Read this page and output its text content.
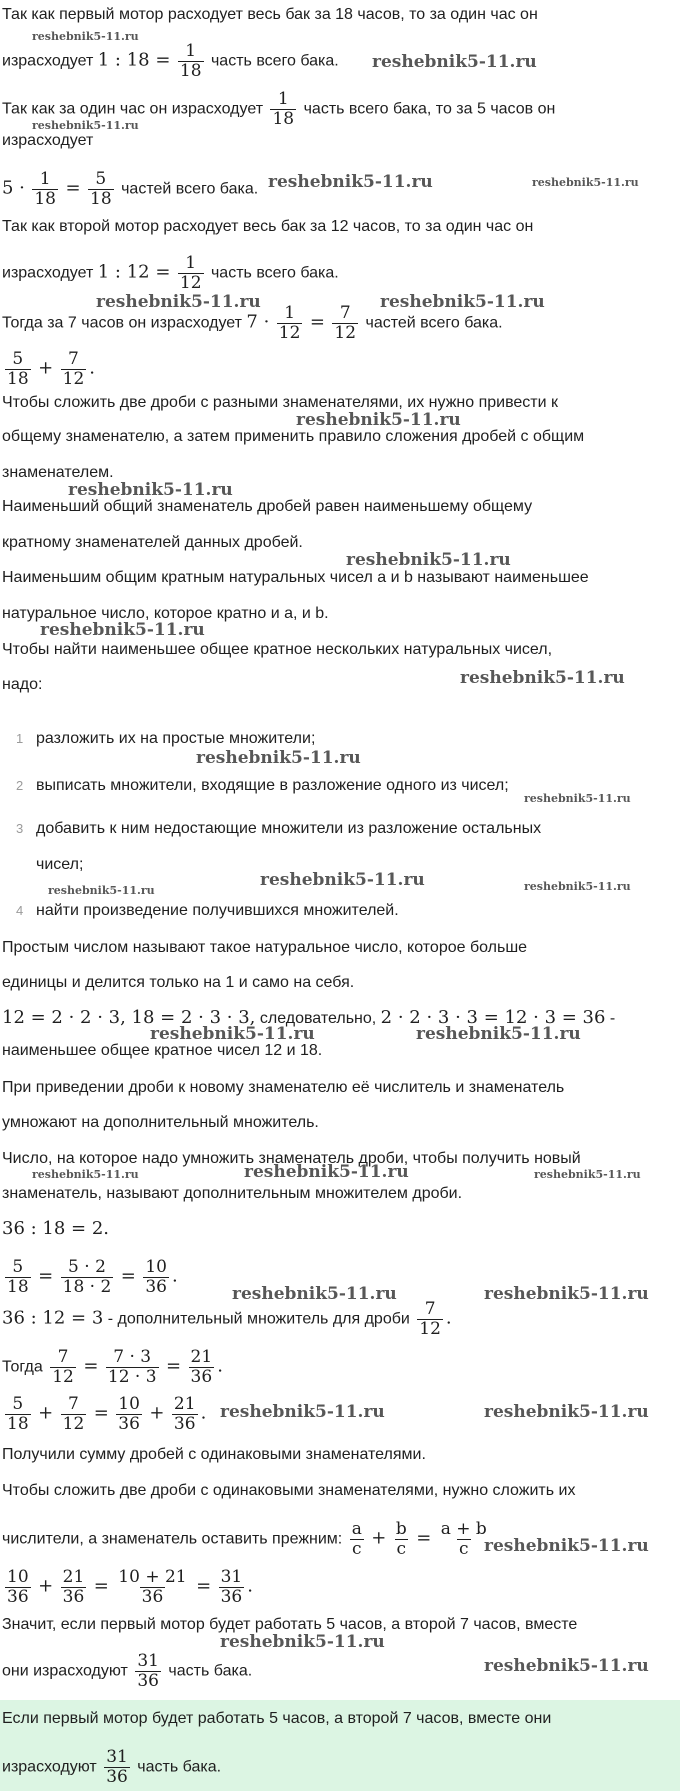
Так как первый мотор расходует весь бак за 18 часов, то за один час он
израсходует 1 : $18 = \frac{1}{18}$ часть всего бака.
Так как за один час он израсходует $\frac{1}{18}$ часть всего бака, то за 5 часов он
израсходует
$5 \cdot \frac{1}{18} = \frac{5}{18}$ частей всего бака.
Так как второй мотор расходует весь бак за 12 часов, то за один час он
израсходует 1 : $12 = \frac{1}{12}$ часть всего бака.
Тогда за 7 часов он израсходует $7 \cdot \frac{1}{12} = \frac{7}{12}$ частей всего бака.
$\frac{5}{18} + \frac{7}{12}$ .
Чтобы сложить две дроби с разными знаменателями, их нужно привести к
общему знаменателю, а затем применить правило сложения дробей с общим
знаменателем.
Наименьший общий знаменатель дробей равен наименьшему общему
кратному знаменателей данных дробей.
Наименьшим общим кратным натуральных чисел a и b называют наименьшее
натуральное число, которое кратно и a, и b.
Чтобы найти наименьшее общее кратное нескольких натуральных чисел,
надо:
1 разложить их на простые множители;
2 выписать множители, входящие в разложение одного из чисел;
3 добавить к ним недостающие множители из разложение остальных
чисел;
4 найти произведение получившихся множителей.
Простым числом называют такое натуральное число, которое больше
единицы и делится только на 1 и само на себя.
12 = 2 · 2 · 3, 18 = 2 · 3 · 3, следовательно, 2 · 2 · 3 · 3 = 12 · 3 = 36 -
наименьшее общее кратное чисел 12 и 18.
При приведении дроби к новому знаменателю её числитель и знаменатель
умножают на дополнительный множитель.
Число, на которое надо умножить знаменатель дроби, чтобы получить новый
знаменатель, называют дополнительным множителем дроби.
36 : 18 = 2.
$\frac{5}{18} = \frac{5 \cdot 2}{18 \cdot 2} = \frac{10}{36}$ .
36 : 12 = 3 - дополнительный множитель для дроби $\frac{7}{12}$ .
Тогда $\frac{7}{12} = \frac{7 \cdot 3}{12 \cdot 3} = \frac{21}{36}$ .
$\frac{5}{18} + \frac{7}{12} = \frac{10}{36} + \frac{21}{36}$ .
Получили сумму дробей с одинаковыми знаменателями.
Чтобы сложить две дроби с одинаковыми знаменателями, нужно сложить их
числители, а знаменатель оставить прежним: $\frac{a}{c} + \frac{b}{c} = \frac{a + b}{c}$
$\frac{10}{36} + \frac{21}{36} = \frac{10 + 21}{36} = \frac{31}{36}$ .
Значит, если первый мотор будет работать 5 часов, а второй 7 часов, вместе
они израсходуют $\frac{31}{36}$ часть бака.
Если первый мотор будет работать 5 часов, а второй 7 часов, вместе они
израсходуют $\frac{31}{36}$ часть бака.
reshebnik5-11.ru
reshebnik5-11.ru
reshebnik5-11.ru
reshebnik5-11.ru	reshebnik5-11.ru
reshebnik5-11.ru	reshebnik5-11.ru
reshebnik5-11.ru
reshebnik5-11.ru
reshebnik5-11.ru
reshebnik5-11.ru
reshebnik5-11.ru
reshebnik5-11.ru
reshebnik5-11.ru
reshebnik5-11.ru
reshebnik5-11.ru	reshebnik5-11.ru
reshebnik5-11.ru	reshebnik5-11.ru
reshebnik5-11.ru	reshebnik5-11.ru	reshebnik5-11.ru
reshebnik5-11.ru	reshebnik5-11.ru
reshebnik5-11.ru	reshebnik5-11.ru
reshebnik5-11.ru
reshebnik5-11.ru
reshebnik5-11.ru
